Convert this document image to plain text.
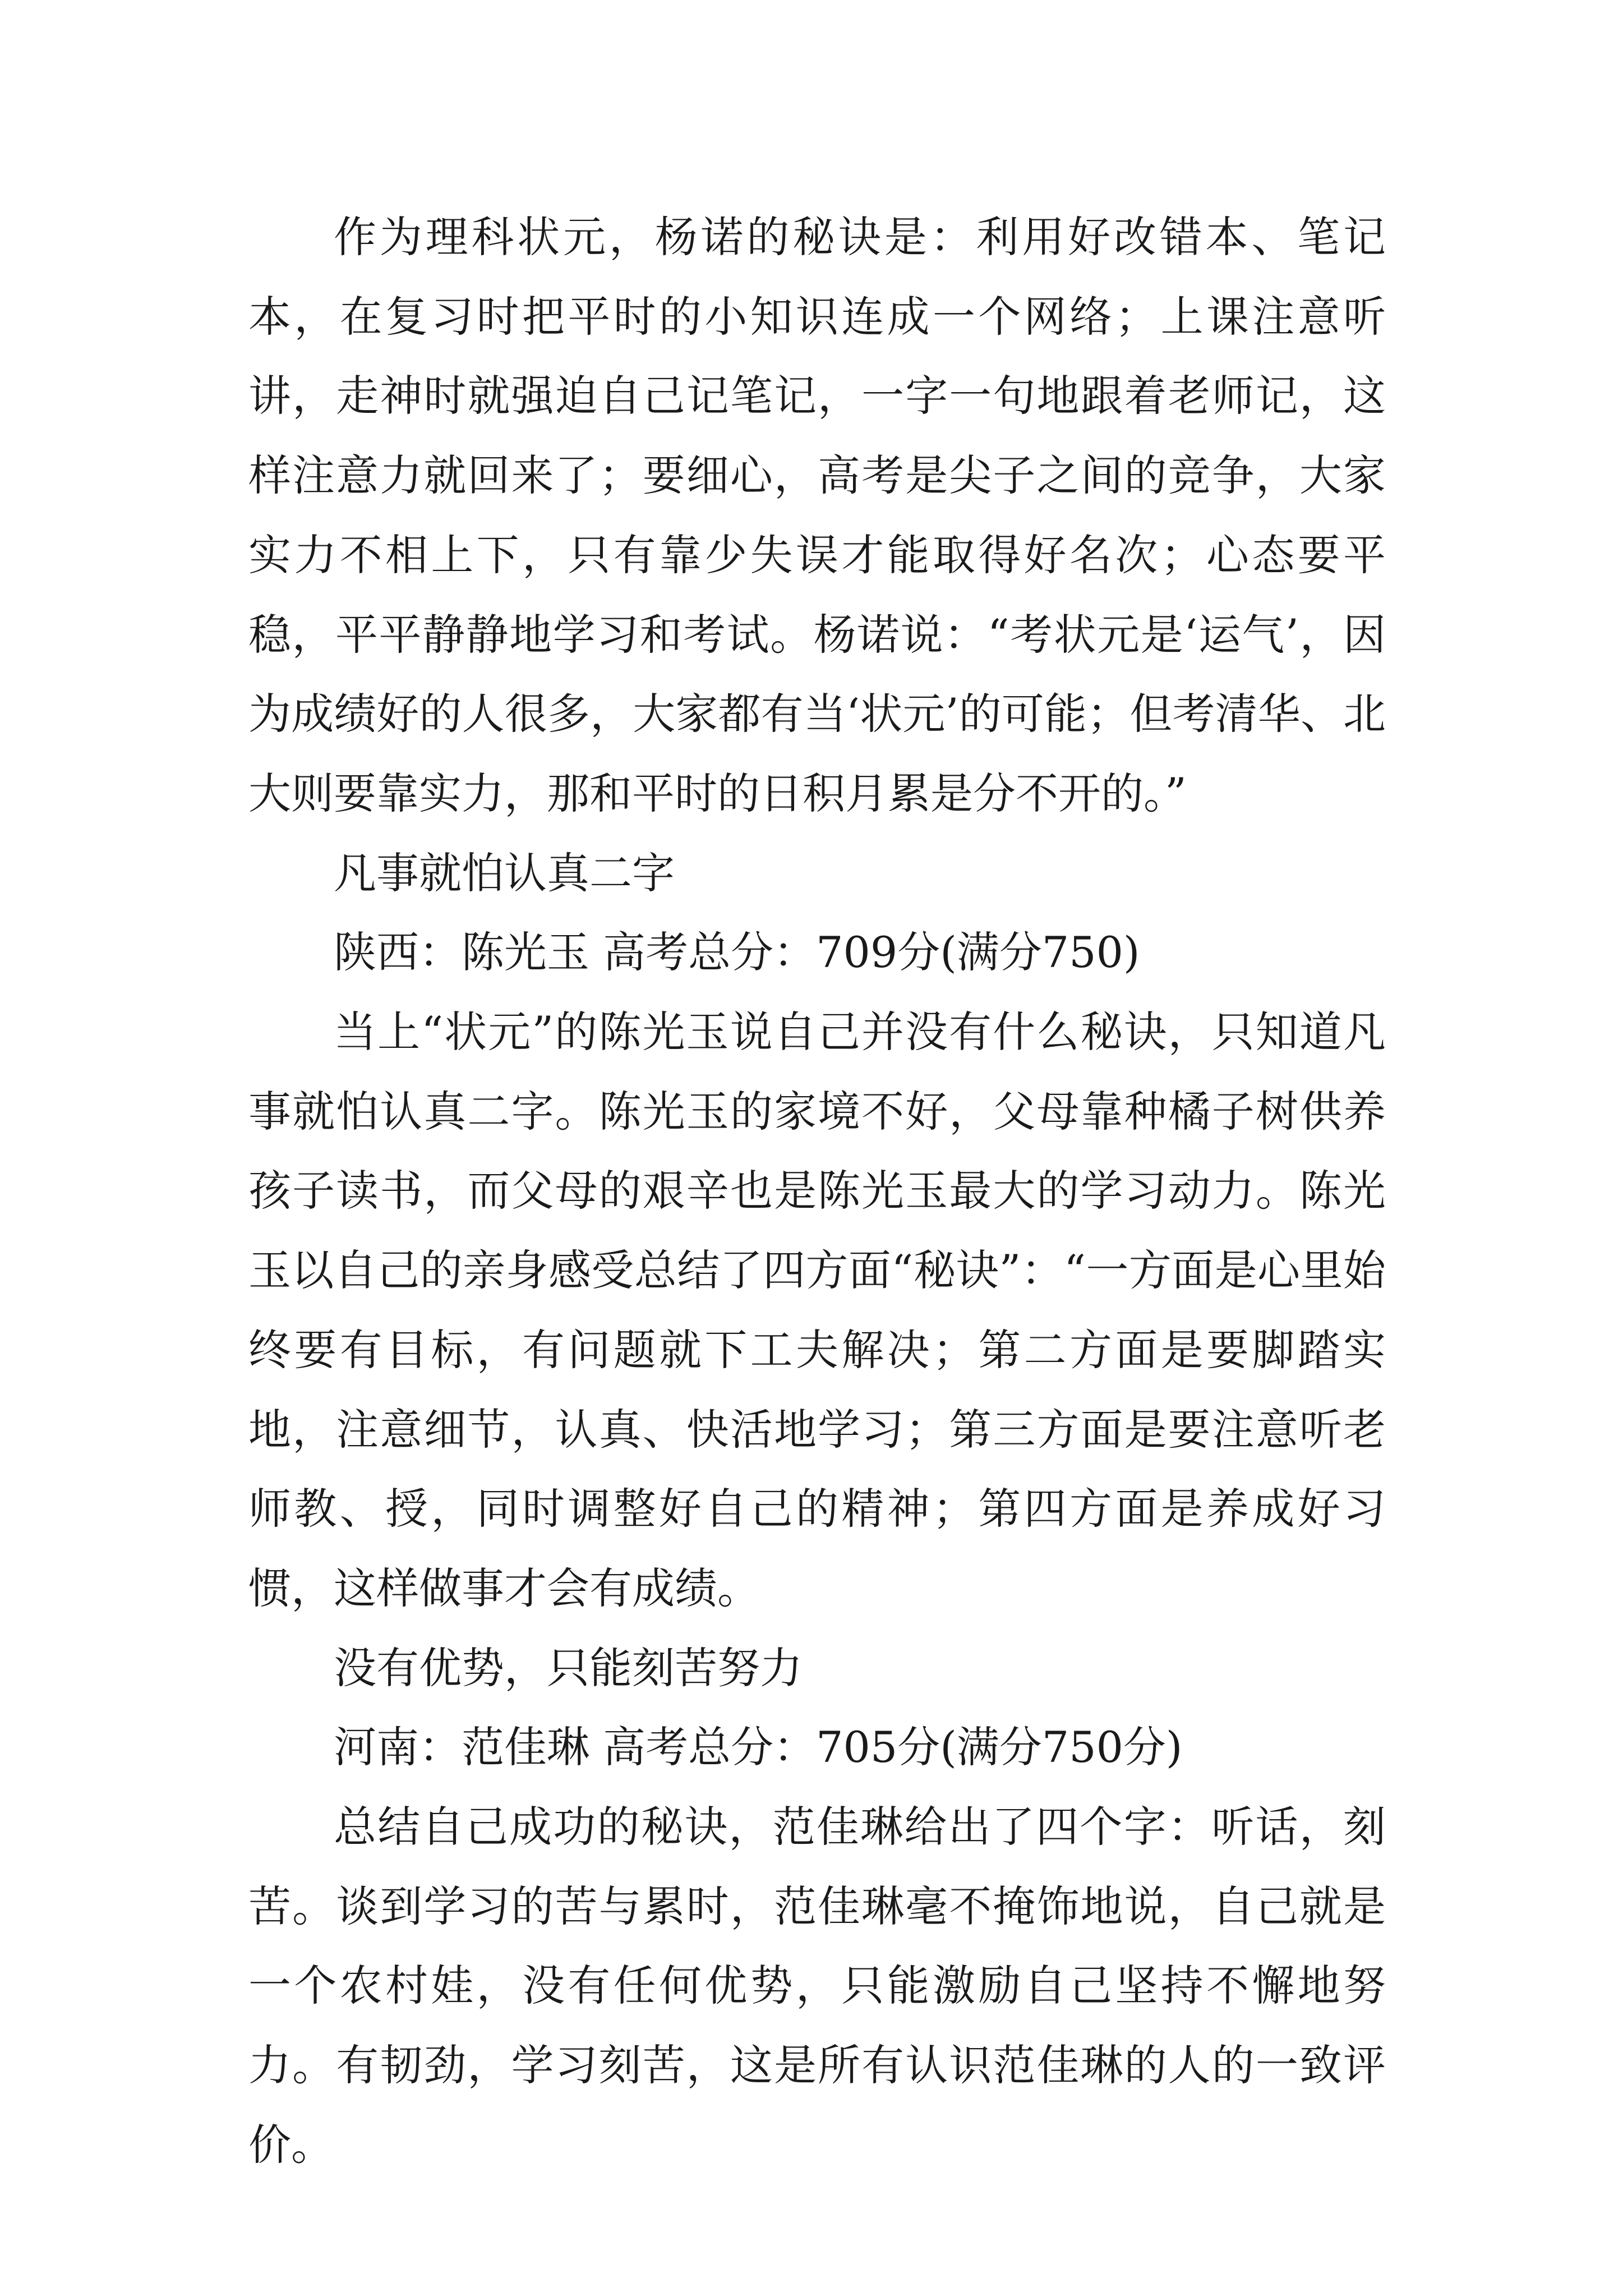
作为理科状元，杨诺的秘诀是：利用好改错本、笔记本，在复习时把平时的小知识连成一个网络；上课注意听讲，走神时就强迫自己记笔记，一字一句地跟着老师记，这样注意力就回来了；要细心，高考是尖子之间的竞争，大家实力不相上下，只有靠少失误才能取得好名次；心态要平稳，平平静静地学习和考试。杨诺说：“考状元是‘运气’，因为成绩好的人很多，大家都有当‘状元’的可能；但考清华、北大则要靠实力，那和平时的日积月累是分不开的。”

凡事就怕认真二字

陕西：陈光玉 高考总分：709分(满分750)

当上“状元”的陈光玉说自己并没有什么秘诀，只知道凡事就怕认真二字。陈光玉的家境不好，父母靠种橘子树供养孩子读书，而父母的艰辛也是陈光玉最大的学习动力。陈光玉以自己的亲身感受总结了四方面“秘诀”：“一方面是心里始终要有目标，有问题就下工夫解决；第二方面是要脚踏实地，注意细节，认真、快活地学习；第三方面是要注意听老师教、授，同时调整好自己的精神；第四方面是养成好习惯，这样做事才会有成绩。

没有优势，只能刻苦努力

河南：范佳琳 高考总分：705分(满分750分)

总结自己成功的秘诀，范佳琳给出了四个字：听话，刻苦。谈到学习的苦与累时，范佳琳毫不掩饰地说，自己就是一个农村娃，没有任何优势，只能激励自己坚持不懈地努力。有韧劲，学习刻苦，这是所有认识范佳琳的人的一致评价。
